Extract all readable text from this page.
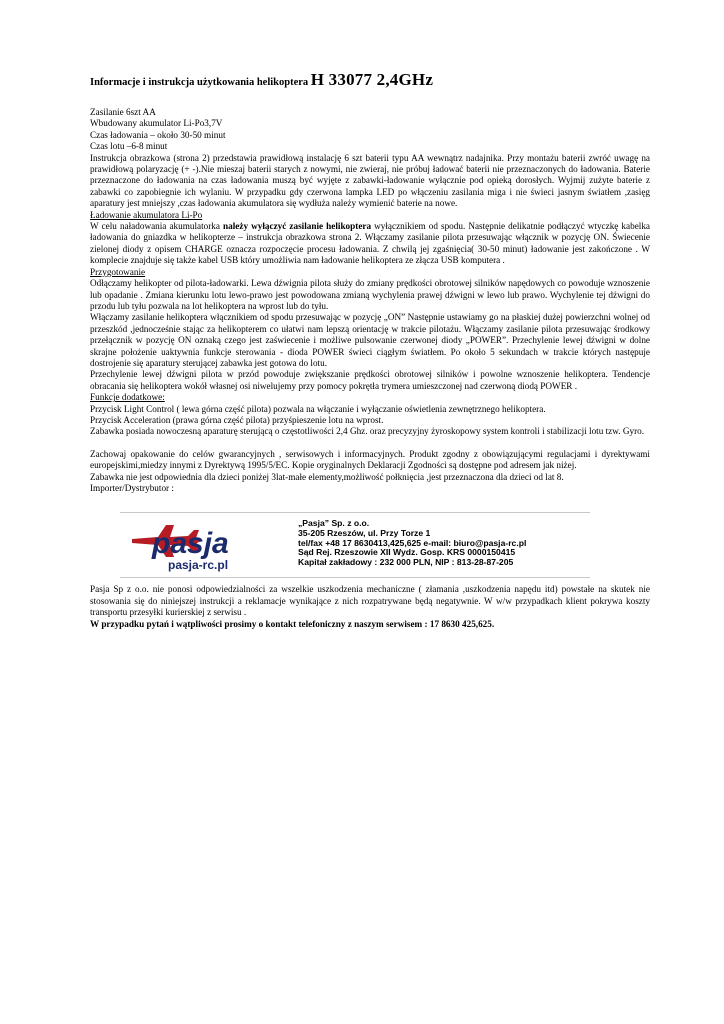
Informacje i instrukcja użytkowania helikoptera H 33077 2,4GHz
Zasilanie 6szt AA
Wbudowany akumulator Li-Po3,7V
Czas ładowania – około 30-50 minut
Czas lotu –6-8 minut
Instrukcja obrazkowa (strona 2) przedstawia prawidłową instalację 6 szt baterii typu AA wewnątrz nadajnika. Przy montażu baterii zwróć uwagę na prawidłową polaryzację (+ -).Nie mieszaj baterii starych z nowymi, nie zwieraj, nie próbuj ładować baterii nie przeznaczonych do ładowania. Baterie przeznaczone do ładowania na czas ładowania muszą być wyjęte z zabawki-ładowanie wyłącznie pod opieką dorosłych. Wyjmij zużyte baterie z zabawki co zapobiegnie ich wylaniu. W przypadku gdy czerwona lampka LED po włączeniu zasilania miga i nie świeci jasnym światłem ,zasięg aparatury jest mniejszy ,czas ładowania akumulatora się wydłuża należy wymienić baterie na nowe.
Ładowanie akumulatora Li-Po
W celu naładowania akumulatorka należy wyłączyć zasilanie helikoptera wyłącznikiem od spodu. Następnie delikatnie podłączyć wtyczkę kabelka ładowania do gniazdka w helikopterze – instrukcja obrazkowa strona 2. Włączamy zasilanie pilota przesuwając włącznik w pozycję ON. Świecenie zielonej diody z opisem CHARGE oznacza rozpoczęcie procesu ładowania. Z chwilą jej zgaśnięcia( 30-50 minut) ładowanie jest zakończone . W komplecie znajduje się także kabel USB który umożliwia nam ładowanie helikoptera ze złącza USB komputera .
Przygotowanie
Odłączamy helikopter od pilota-ładowarki. Lewa dźwignia pilota służy do zmiany prędkości obrotowej silników napędowych co powoduje wznoszenie lub opadanie . Zmiana kierunku lotu lewo-prawo jest powodowana zmianą wychylenia prawej dźwigni w lewo lub prawo. Wychylenie tej dźwigni do przodu lub tyłu pozwala na lot helikoptera na wprost lub do tyłu.
Włączamy zasilanie helikoptera włącznikiem od spodu przesuwając w pozycję „ON” Następnie ustawiamy go na płaskiej dużej powierzchni wolnej od przeszkód ,jednocześnie stając za helikopterem co ułatwi nam lepszą orientację w trakcie pilotażu. Włączamy zasilanie pilota przesuwając środkowy przełącznik w pozycję ON oznaką czego jest zaświecenie i możliwe pulsowanie czerwonej diody „POWER”. Przechylenie lewej dźwigni w dolne skrajne położenie uaktywnia funkcje sterowania - dioda POWER świeci ciągłym światłem. Po około 5 sekundach w trakcie których następuje dostrojenie się aparatury sterującej zabawka jest gotowa do lotu.
Przechylenie lewej dźwigni pilota w przód powoduje zwiększanie prędkości obrotowej silników i powolne wznoszenie helikoptera. Tendencje obracania się helikoptera wokół własnej osi niwelujemy przy pomocy pokrętła trymera umieszczonej nad czerwoną diodą POWER .
Funkcje dodatkowe:
Przycisk Light Control ( lewa górna część pilota) pozwala na włączanie i wyłączanie oświetlenia zewnętrznego helikoptera.
Przycisk Acceleration (prawa górna część pilota) przyśpieszenie lotu na wprost.
Zabawka posiada nowoczesną aparaturę sterującą o częstotliwości 2,4 Ghz. oraz precyzyjny żyroskopowy system kontroli i stabilizacji lotu tzw. Gyro.
Zachowaj opakowanie do celów gwarancyjnych , serwisowych i informacyjnych. Produkt zgodny z obowiązującymi regulacjami i dyrektywami europejskimi,miedzy innymi z Dyrektywą 1995/5/EC. Kopie oryginalnych Deklaracji Zgodności są dostępne pod adresem jak niżej.
Zabawka nie jest odpowiednia dla dzieci poniżej 3lat-małe elementy,możliwość połknięcia ,jest przeznaczona dla dzieci od lat 8.
Importer/Dystrybutor :
pasja
pasja-rc.pl
„Pasja” Sp. z o.o.
35-205 Rzeszów, ul. Przy Torze 1
tel/fax +48 17 8630413,425,625 e-mail: biuro@pasja-rc.pl
Sąd Rej. Rzeszowie XII Wydz. Gosp. KRS 0000150415
Kapitał zakładowy : 232 000 PLN, NIP : 813-28-87-205
Pasja Sp z o.o. nie ponosi odpowiedzialności za wszelkie uszkodzenia mechaniczne ( złamania ,uszkodzenia napędu itd) powstałe na skutek nie stosowania się do niniejszej instrukcji a reklamacje wynikające z nich rozpatrywane będą negatywnie. W w/w przypadkach klient pokrywa koszty transportu przesyłki kurierskiej z serwisu .
W przypadku pytań i wątpliwości prosimy o kontakt telefoniczny z naszym serwisem : 17 8630 425,625.
